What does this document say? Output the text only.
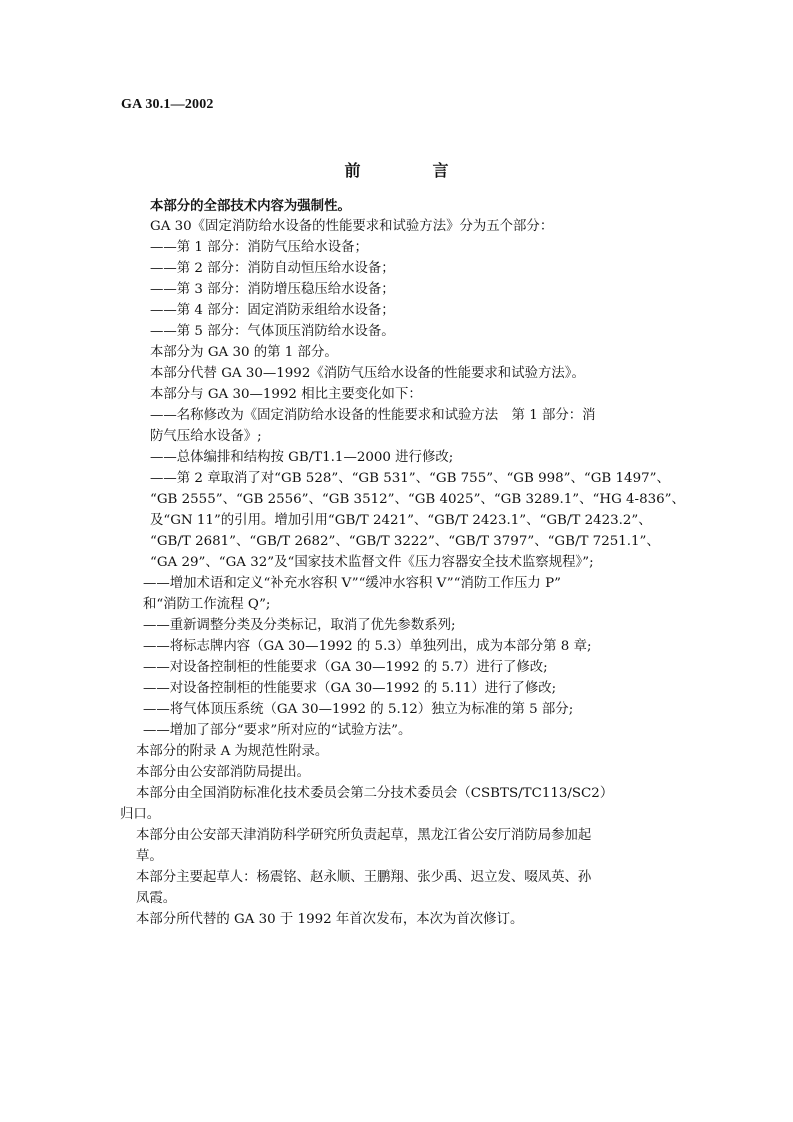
GA 30.1—2002
前　言
本部分的全部技术内容为强制性。
GA 30《固定消防给水设备的性能要求和试验方法》分为五个部分：
——第 1 部分：消防气压给水设备；
——第 2 部分：消防自动恒压给水设备；
——第 3 部分：消防增压稳压给水设备；
——第 4 部分：固定消防汞组给水设备；
——第 5 部分：气体顶压消防给水设备。
本部分为 GA 30 的第 1 部分。
本部分代替 GA 30—1992《消防气压给水设备的性能要求和试验方法》。
本部分与 GA 30—1992 相比主要变化如下：
——名称修改为《固定消防给水设备的性能要求和试验方法　第 1 部分：消
防气压给水设备》;
——总体编排和结构按 GB/T1.1—2000 进行修改;
——第 2 章取消了对“GB 528”、“GB 531”、“GB 755”、“GB 998”、“GB 1497”、
“GB 2555”、“GB 2556”、“GB 3512”、“GB 4025”、“GB 3289.1”、“HG 4-836”、
及“GN 11”的引用。增加引用“GB/T 2421”、“GB/T 2423.1”、“GB/T 2423.2”、
“GB/T 2681”、“GB/T 2682”、“GB/T 3222”、“GB/T 3797”、“GB/T 7251.1”、
“GA 29”、“GA 32”及“国家技术监督文件《压力容器安全技术监察规程》”;
——增加术语和定义“补充水容积 V”“缓冲水容积 V”“消防工作压力 P”
和“消防工作流程 Q”;
——重新调整分类及分类标记，取消了优先参数系列;
——将标志牌内容（GA 30—1992 的 5.3）单独列出，成为本部分第 8 章;
——对设备控制柜的性能要求（GA 30—1992 的 5.7）进行了修改;
——对设备控制柜的性能要求（GA 30—1992 的 5.11）进行了修改;
——将气体顶压系统（GA 30—1992 的 5.12）独立为标准的第 5 部分;
——增加了部分“要求”所对应的“试验方法”。
本部分的附录 A 为规范性附录。
本部分由公安部消防局提出。
本部分由全国消防标准化技术委员会第二分技术委员会（CSBTS/TC113/SC2）
归口。
本部分由公安部天津消防科学研究所负责起草，黑龙江省公安厅消防局参加起
草。
本部分主要起草人：杨震铭、赵永顺、王鹏翔、张少禹、迟立发、啜凤英、孙
凤霞。
本部分所代替的 GA 30 于 1992 年首次发布，本次为首次修订。
